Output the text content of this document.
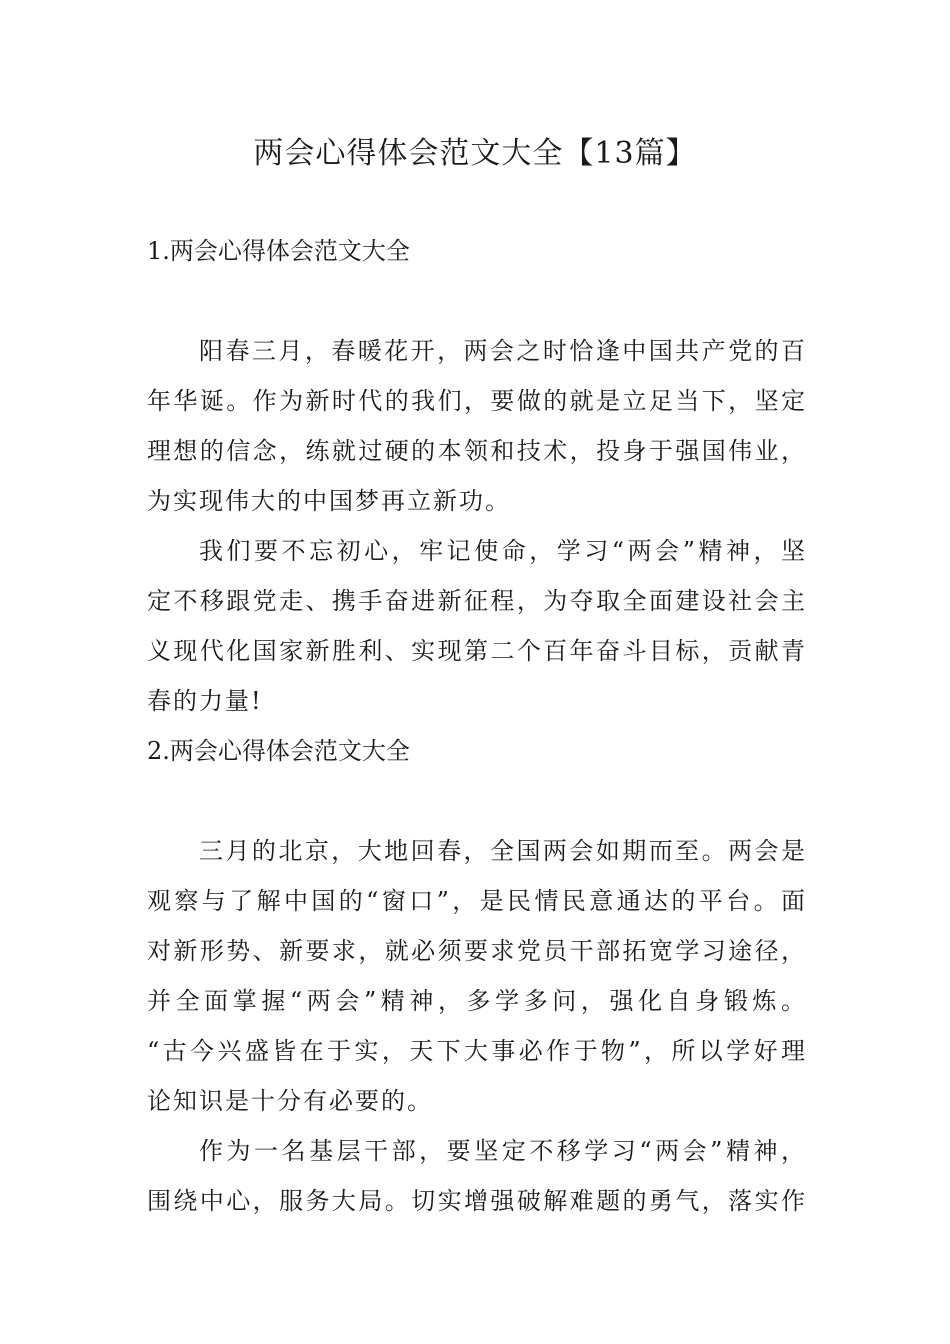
两会心得体会范文大全【13篇】
1.两会心得体会范文大全
阳春三月，春暖花开，两会之时恰逢中国共产党的百
年华诞。作为新时代的我们，要做的就是立足当下，坚定
理想的信念，练就过硬的本领和技术，投身于强国伟业，
为实现伟大的中国梦再立新功。
我们要不忘初心，牢记使命，学习“两会”精神，坚
定不移跟党走、携手奋进新征程，为夺取全面建设社会主
义现代化国家新胜利、实现第二个百年奋斗目标，贡献青
春的力量!
2.两会心得体会范文大全
三月的北京，大地回春，全国两会如期而至。两会是
观察与了解中国的“窗口”，是民情民意通达的平台。面
对新形势、新要求，就必须要求党员干部拓宽学习途径，
并全面掌握“两会”精神，多学多问，强化自身锻炼。
“古今兴盛皆在于实，天下大事必作于物”，所以学好理
论知识是十分有必要的。
作为一名基层干部，要坚定不移学习“两会”精神，
围绕中心，服务大局。切实增强破解难题的勇气，落实作
